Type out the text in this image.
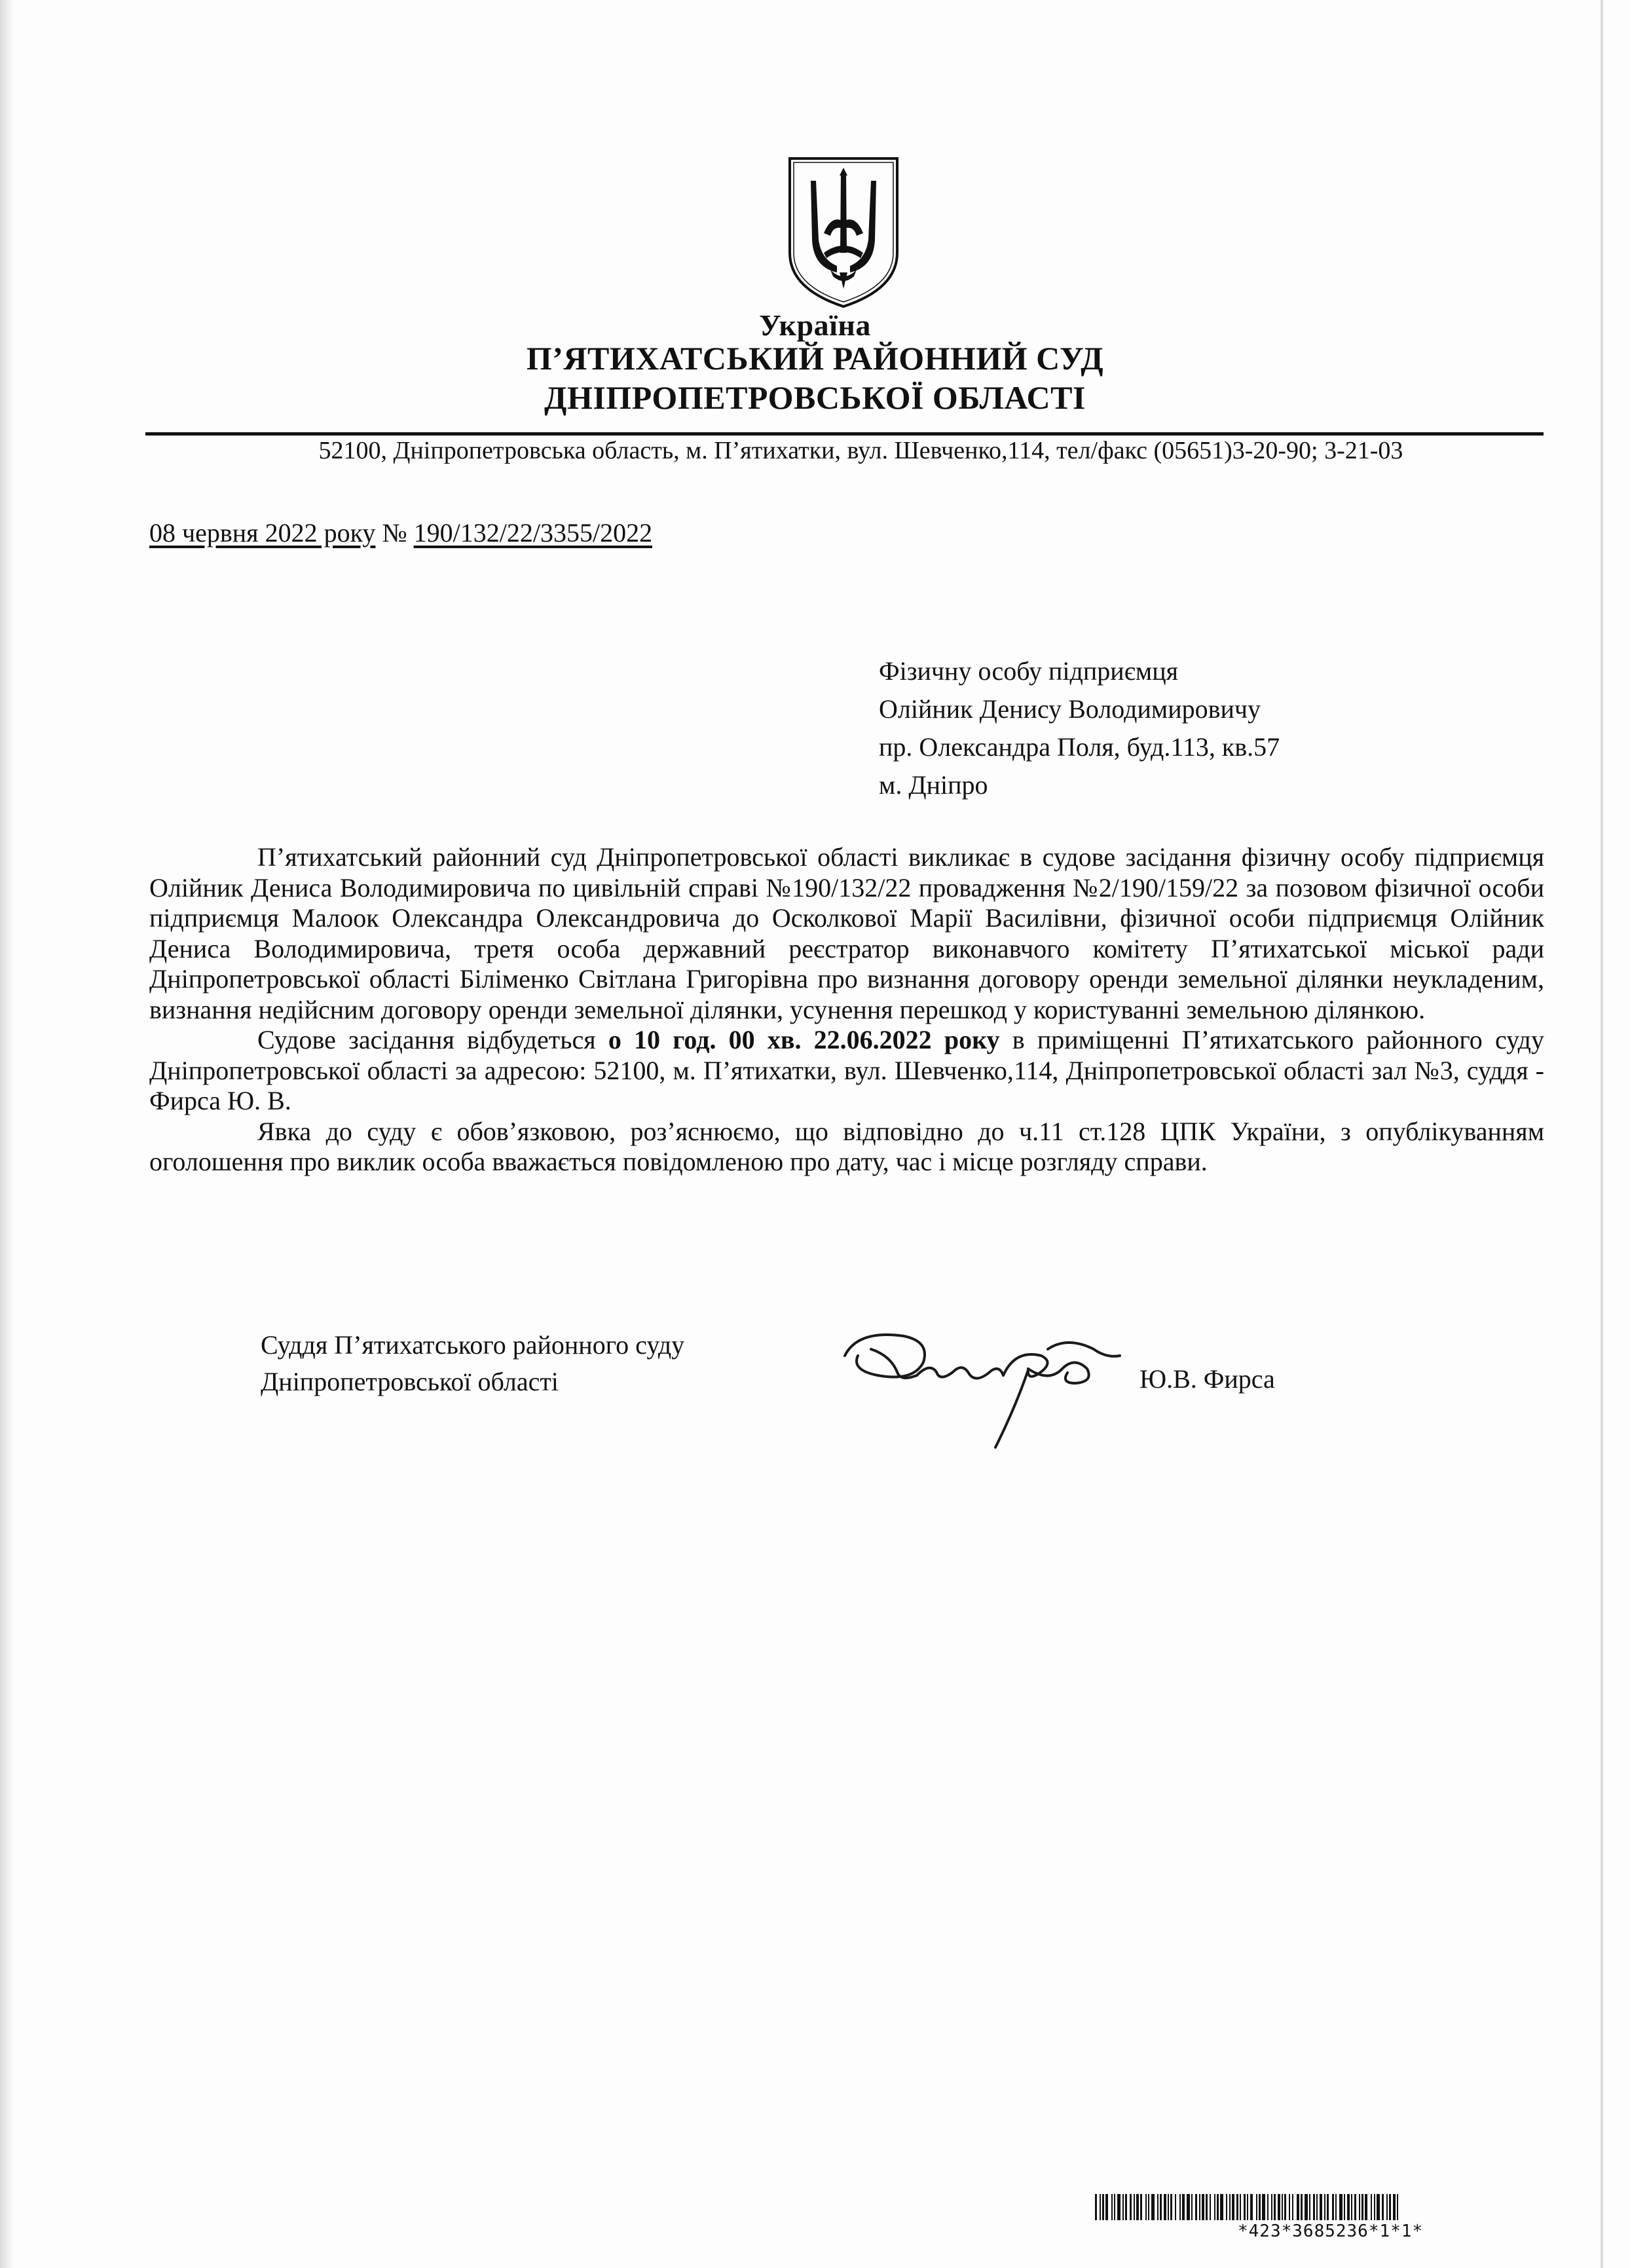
Україна
П’ЯТИХАТСЬКИЙ РАЙОННИЙ СУД
ДНІПРОПЕТРОВСЬКОЇ ОБЛАСТІ
52100, Дніпропетровська область, м. П’ятихатки, вул. Шевченко,114, тел/факс (05651)3-20-90; 3-21-03
08 червня 2022 року № 190/132/22/3355/2022
Фізичну особу підприємця
Олійник Денису Володимировичу
пр. Олександра Поля, буд.113, кв.57
м. Дніпро

П’ятихатський районний суд Дніпропетровської області викликає в судове засідання фізичну особу підприємця Олійник Дениса Володимировича по цивільній справі №190/132/22 провадження №2/190/159/22 за позовом фізичної особи підприємця Малоок Олександра Олександровича до Осколкової Марії Василівни, фізичної особи підприємця Олійник Дениса Володимировича, третя особа державний реєстратор виконавчого комітету П’ятихатської міської ради Дніпропетровської області Біліменко Світлана Григорівна про визнання договору оренди земельної ділянки неукладеним, визнання недійсним договору оренди земельної ділянки, усунення перешкод у користуванні земельною ділянкою.

Судове засідання відбудеться о 10 год. 00 хв. 22.06.2022 року в приміщенні П’ятихатського районного суду Дніпропетровської області за адресою: 52100, м. П’ятихатки, вул. Шевченко,114, Дніпропетровської області зал №3, суддя - Фирса Ю. В.

Явка до суду є обов’язковою, роз’яснюємо, що відповідно до ч.11 ст.128 ЦПК України, з опублікуванням оголошення про виклик особа вважається повідомленою про дату, час і місце розгляду справи.

Суддя П’ятихатського районного суду
Дніпропетровської області	Ю.В. Фирса
*423*3685236*1*1*
